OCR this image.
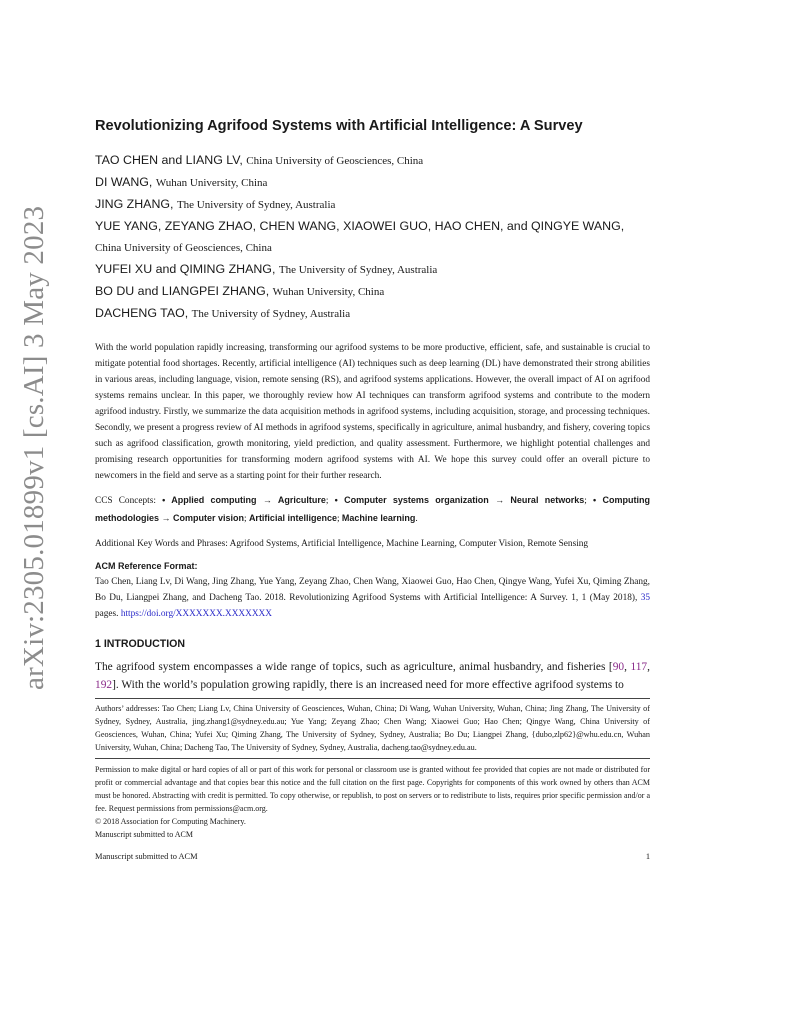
arXiv:2305.01899v1 [cs.AI] 3 May 2023
Revolutionizing Agrifood Systems with Artificial Intelligence: A Survey

TAO CHEN and LIANG LV, China University of Geosciences, China

DI WANG, Wuhan University, China

JING ZHANG, The University of Sydney, Australia

YUE YANG, ZEYANG ZHAO, CHEN WANG, XIAOWEI GUO, HAO CHEN, and QINGYE WANG, China University of Geosciences, China

YUFEI XU and QIMING ZHANG, The University of Sydney, Australia

BO DU and LIANGPEI ZHANG, Wuhan University, China

DACHENG TAO, The University of Sydney, Australia

With the world population rapidly increasing, transforming our agrifood systems to be more productive, efficient, safe, and sustainable is crucial to mitigate potential food shortages. Recently, artificial intelligence (AI) techniques such as deep learning (DL) have demonstrated their strong abilities in various areas, including language, vision, remote sensing (RS), and agrifood systems applications. However, the overall impact of AI on agrifood systems remains unclear. In this paper, we thoroughly review how AI techniques can transform agrifood systems and contribute to the modern agrifood industry. Firstly, we summarize the data acquisition methods in agrifood systems, including acquisition, storage, and processing techniques. Secondly, we present a progress review of AI methods in agrifood systems, specifically in agriculture, animal husbandry, and fishery, covering topics such as agrifood classification, growth monitoring, yield prediction, and quality assessment. Furthermore, we highlight potential challenges and promising research opportunities for transforming modern agrifood systems with AI. We hope this survey could offer an overall picture to newcomers in the field and serve as a starting point for their further research.

CCS Concepts: • Applied computing → Agriculture; • Computer systems organization → Neural networks; • Computing methodologies → Computer vision; Artificial intelligence; Machine learning.

Additional Key Words and Phrases: Agrifood Systems, Artificial Intelligence, Machine Learning, Computer Vision, Remote Sensing

ACM Reference Format:

Tao Chen, Liang Lv, Di Wang, Jing Zhang, Yue Yang, Zeyang Zhao, Chen Wang, Xiaowei Guo, Hao Chen, Qingye Wang, Yufei Xu, Qiming Zhang, Bo Du, Liangpei Zhang, and Dacheng Tao. 2018. Revolutionizing Agrifood Systems with Artificial Intelligence: A Survey. 1, 1 (May 2018), 35 pages. https://doi.org/XXXXXXX.XXXXXXX

1 INTRODUCTION

The agrifood system encompasses a wide range of topics, such as agriculture, animal husbandry, and fisheries [90, 117, 192]. With the world’s population growing rapidly, there is an increased need for more effective agrifood systems to

Authors’ addresses: Tao Chen; Liang Lv, China University of Geosciences, Wuhan, China; Di Wang, Wuhan University, Wuhan, China; Jing Zhang, The University of Sydney, Sydney, Australia, jing.zhang1@sydney.edu.au; Yue Yang; Zeyang Zhao; Chen Wang; Xiaowei Guo; Hao Chen; Qingye Wang, China University of Geosciences, Wuhan, China; Yufei Xu; Qiming Zhang, The University of Sydney, Sydney, Australia; Bo Du; Liangpei Zhang, {dubo,zlp62}@whu.edu.cn, Wuhan University, Wuhan, China; Dacheng Tao, The University of Sydney, Sydney, Australia, dacheng.tao@sydney.edu.au.

Permission to make digital or hard copies of all or part of this work for personal or classroom use is granted without fee provided that copies are not made or distributed for profit or commercial advantage and that copies bear this notice and the full citation on the first page. Copyrights for components of this work owned by others than ACM must be honored. Abstracting with credit is permitted. To copy otherwise, or republish, to post on servers or to redistribute to lists, requires prior specific permission and/or a fee. Request permissions from permissions@acm.org.

© 2018 Association for Computing Machinery.

Manuscript submitted to ACM

Manuscript submitted to ACM	1
